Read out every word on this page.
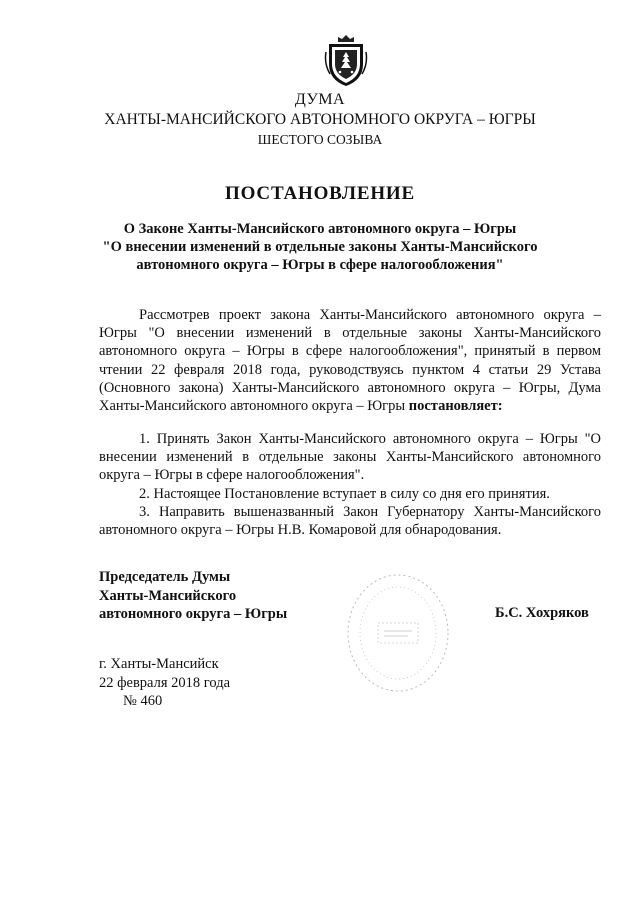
ДУМА
ХАНТЫ-МАНСИЙСКОГО АВТОНОМНОГО ОКРУГА – ЮГРЫ
ШЕСТОГО СОЗЫВА
ПОСТАНОВЛЕНИЕ
О Законе Ханты-Мансийского автономного округа – Югры
"О внесении изменений в отдельные законы Ханты-Мансийского
автономного округа – Югры в сфере налогообложения"

Рассмотрев проект закона Ханты-Мансийского автономного округа – Югры "О внесении изменений в отдельные законы Ханты-Мансийского автономного округа – Югры в сфере налогообложения", принятый в первом чтении 22 февраля 2018 года, руководствуясь пунктом 4 статьи 29 Устава (Основного закона) Ханты-Мансийского автономного округа – Югры, Дума Ханты-Мансийского автономного округа – Югры постановляет:

1. Принять Закон Ханты-Мансийского автономного округа – Югры "О внесении изменений в отдельные законы Ханты-Мансийского автономного округа – Югры в сфере налогообложения".

2. Настоящее Постановление вступает в силу со дня его принятия.

3. Направить вышеназванный Закон Губернатору Ханты-Мансийского автономного округа – Югры Н.В. Комаровой для обнародования.

Председатель Думы
Ханты-Мансийского
автономного округа – Югры	Б.С. Хохряков
г. Ханты-Мансийск
22 февраля 2018 года
№ 460
